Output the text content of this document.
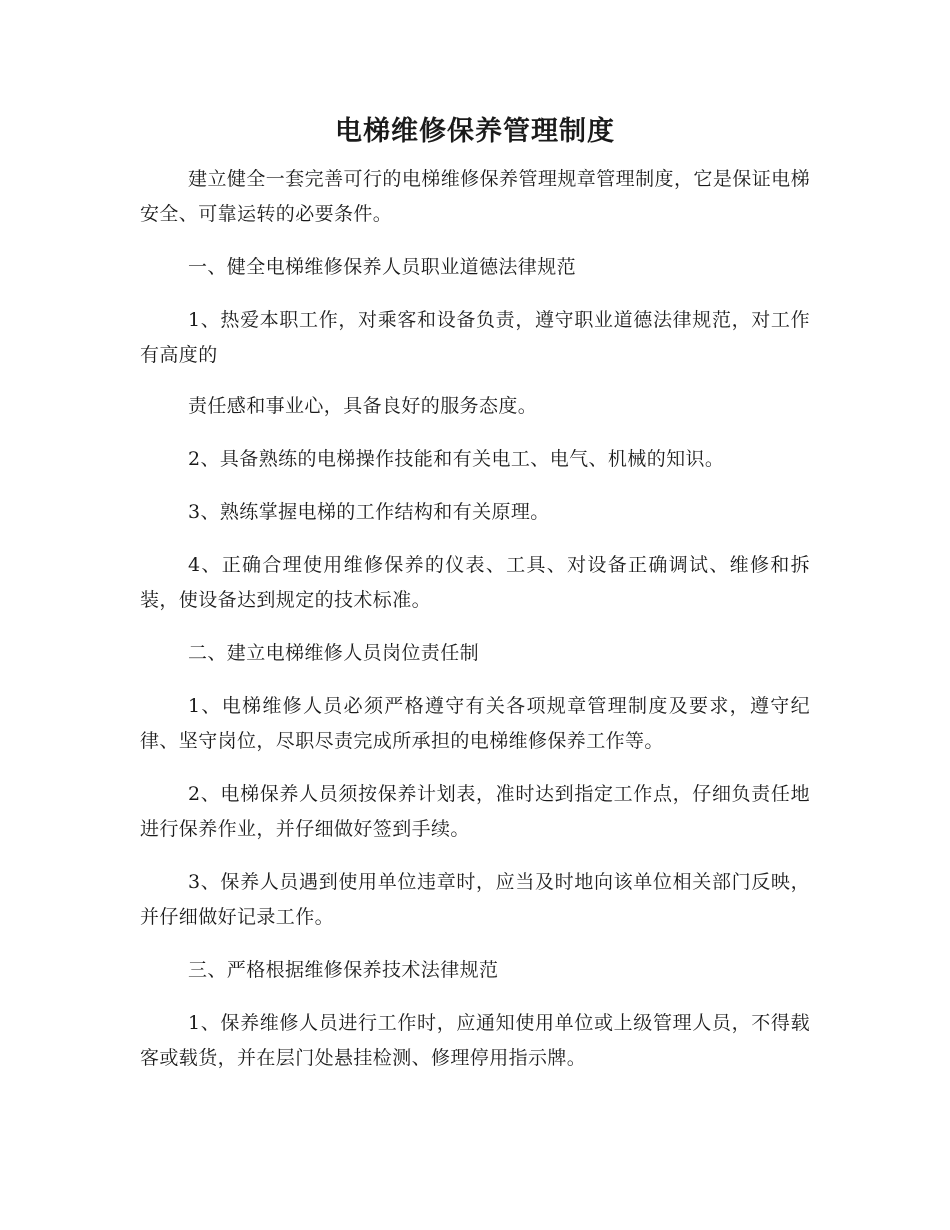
电梯维修保养管理制度

建立健全一套完善可行的电梯维修保养管理规章管理制度，它是保证电梯安全、可靠运转的必要条件。

一、健全电梯维修保养人员职业道德法律规范

1、热爱本职工作，对乘客和设备负责，遵守职业道德法律规范，对工作有高度的

责任感和事业心，具备良好的服务态度。

2、具备熟练的电梯操作技能和有关电工、电气、机械的知识。

3、熟练掌握电梯的工作结构和有关原理。

4、正确合理使用维修保养的仪表、工具、对设备正确调试、维修和拆装，使设备达到规定的技术标准。

二、建立电梯维修人员岗位责任制

1、电梯维修人员必须严格遵守有关各项规章管理制度及要求，遵守纪律、坚守岗位，尽职尽责完成所承担的电梯维修保养工作等。

2、电梯保养人员须按保养计划表，准时达到指定工作点，仔细负责任地进行保养作业，并仔细做好签到手续。

3、保养人员遇到使用单位违章时，应当及时地向该单位相关部门反映，并仔细做好记录工作。

三、严格根据维修保养技术法律规范

1、保养维修人员进行工作时，应通知使用单位或上级管理人员，不得载客或载货，并在层门处悬挂检测、修理停用指示牌。
